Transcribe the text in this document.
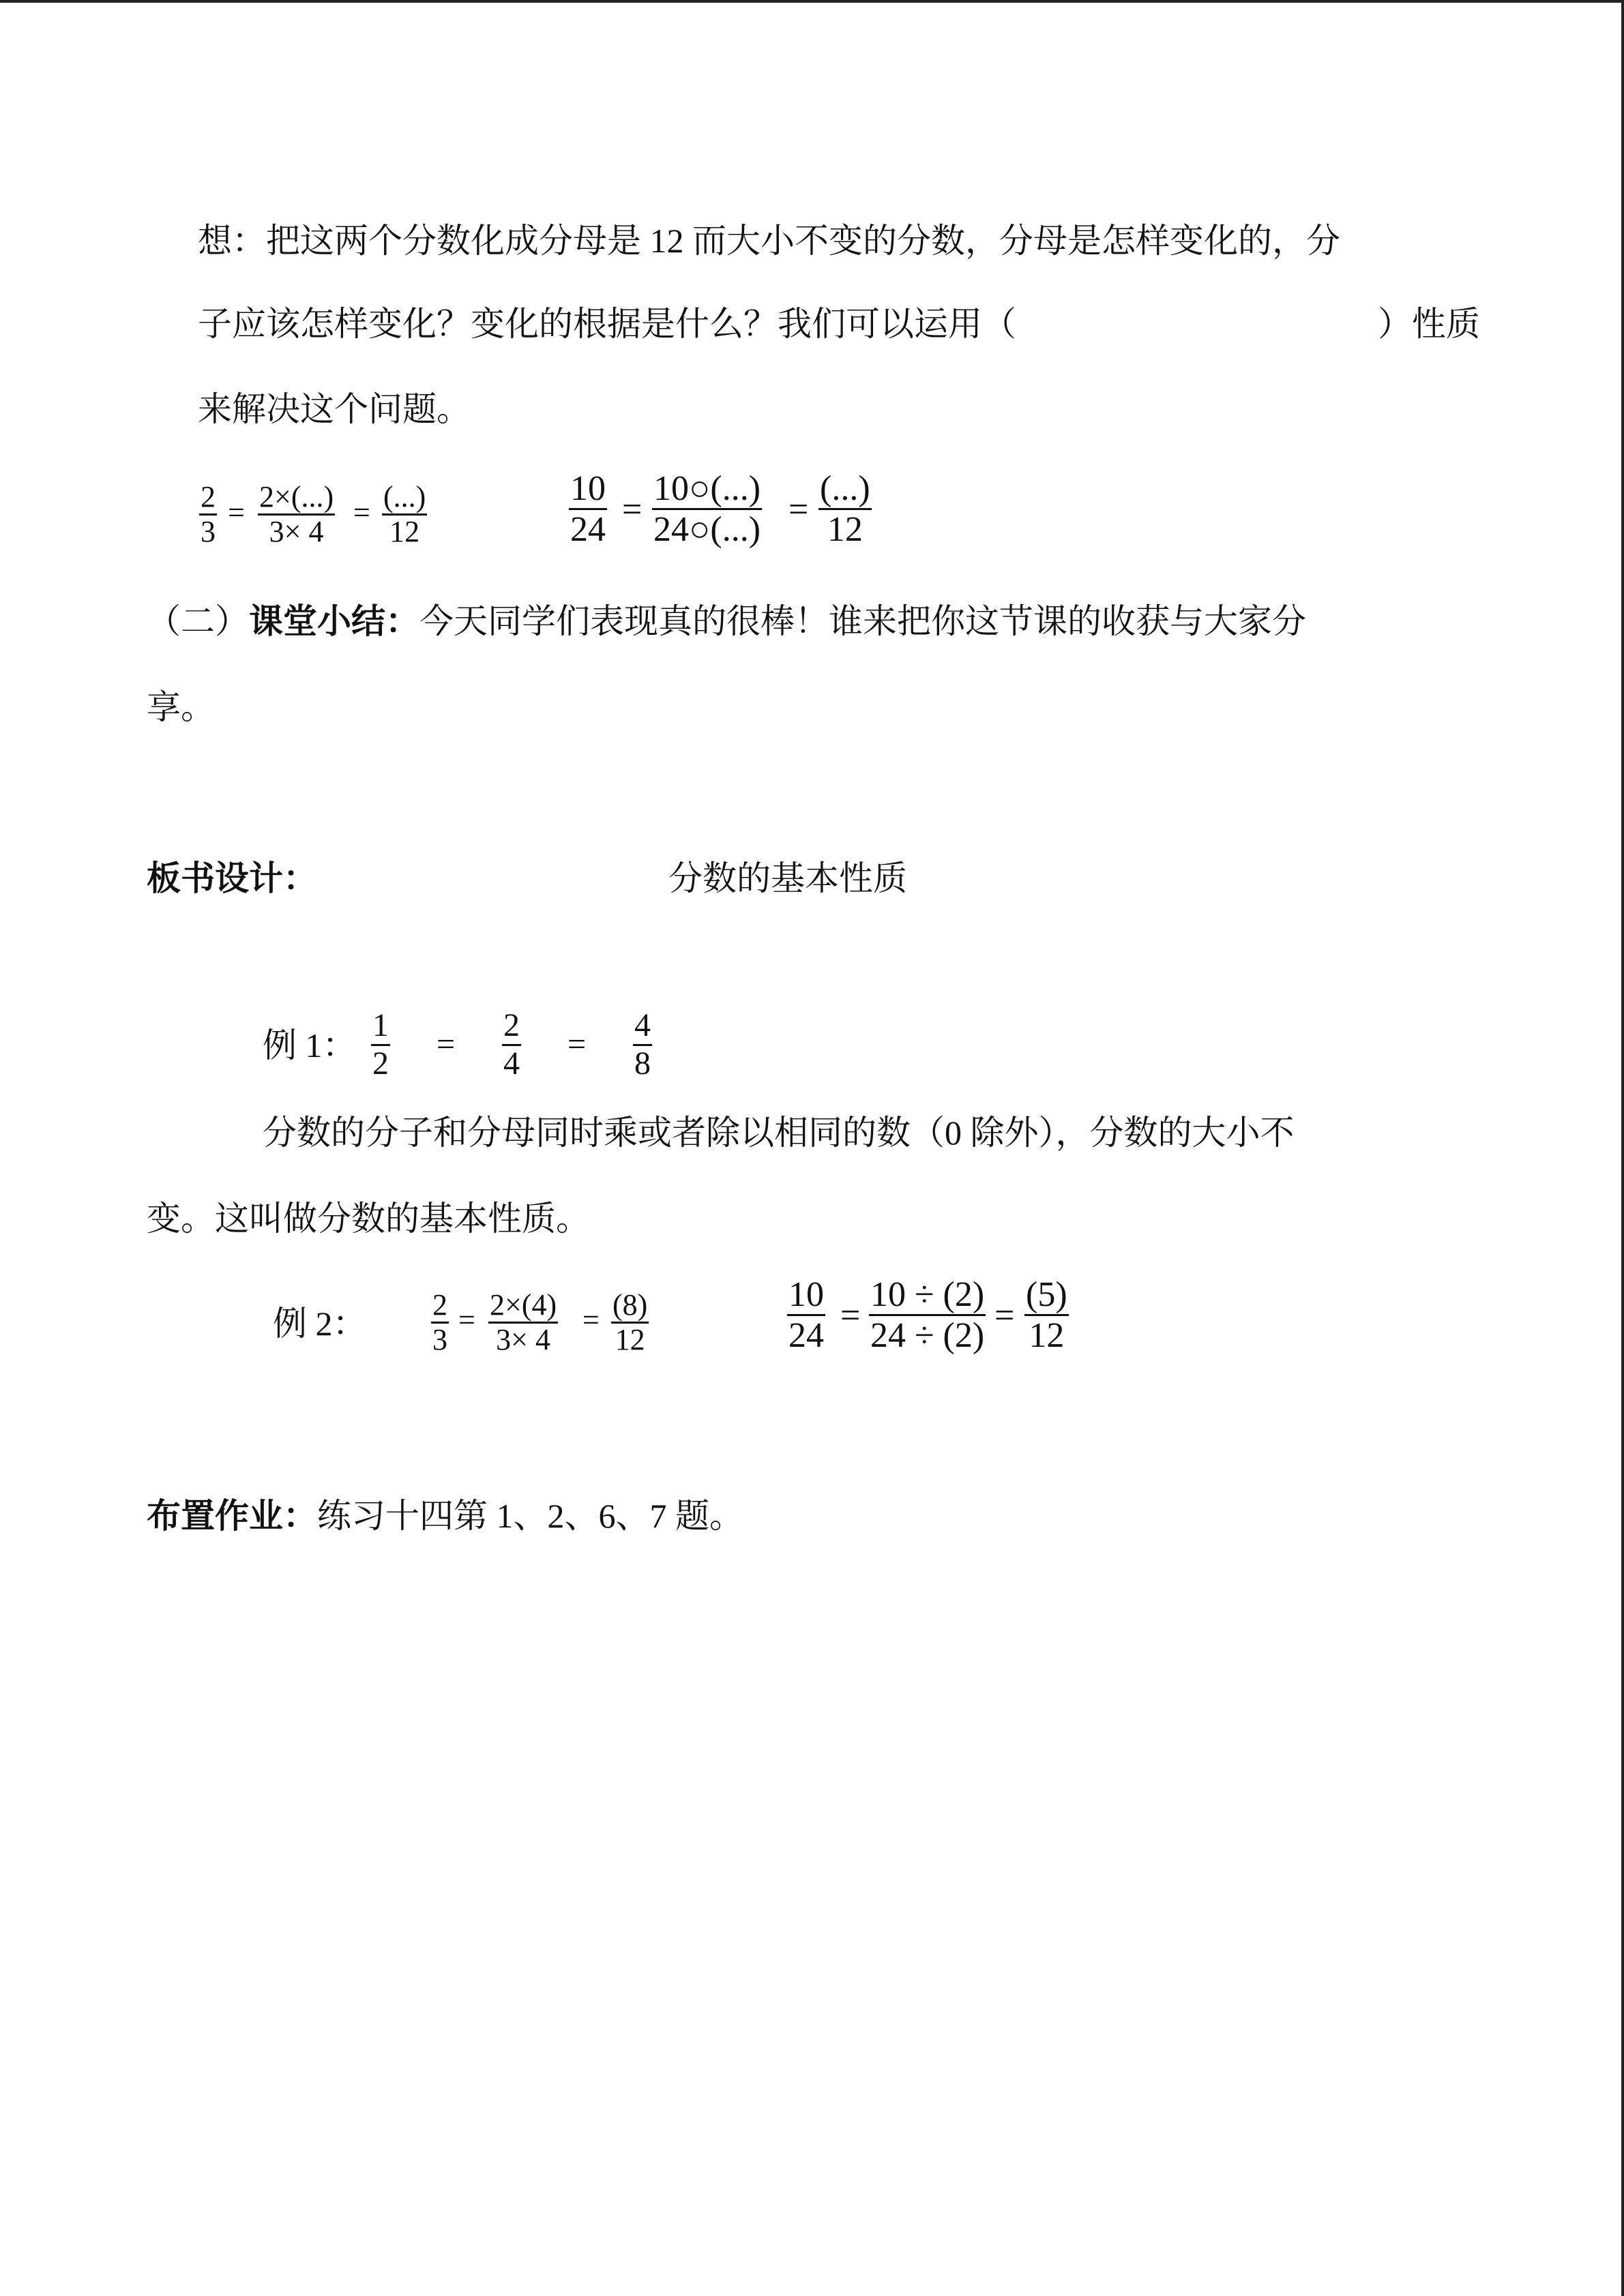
想：把这两个分数化成分母是 12 而大小不变的分数，分母是怎样变化的，分
子应该怎样变化？变化的根据是什么？我们可以运用（	）性质
来解决这个问题。
2
3
= 2×(...)
3× 4
= (...)
12
10
24
=
10○(...)
24○(...)
=
(...)
12
（二）课堂小结：今天同学们表现真的很棒！谁来把你这节课的收获与大家分
享。
板书设计：	分数的基本性质
例 1：
1
2
=
2
4
=
4
8
分数的分子和分母同时乘或者除以相同的数（0 除外），分数的大小不
变。这叫做分数的基本性质。
例 2： 2
3
= 2×(4)
3× 4
= (8)
12
10
24
=
10 ÷ (2)
24 ÷ (2)
=
(5)
12
布置作业：练习十四第 1、2、6、7 题。
